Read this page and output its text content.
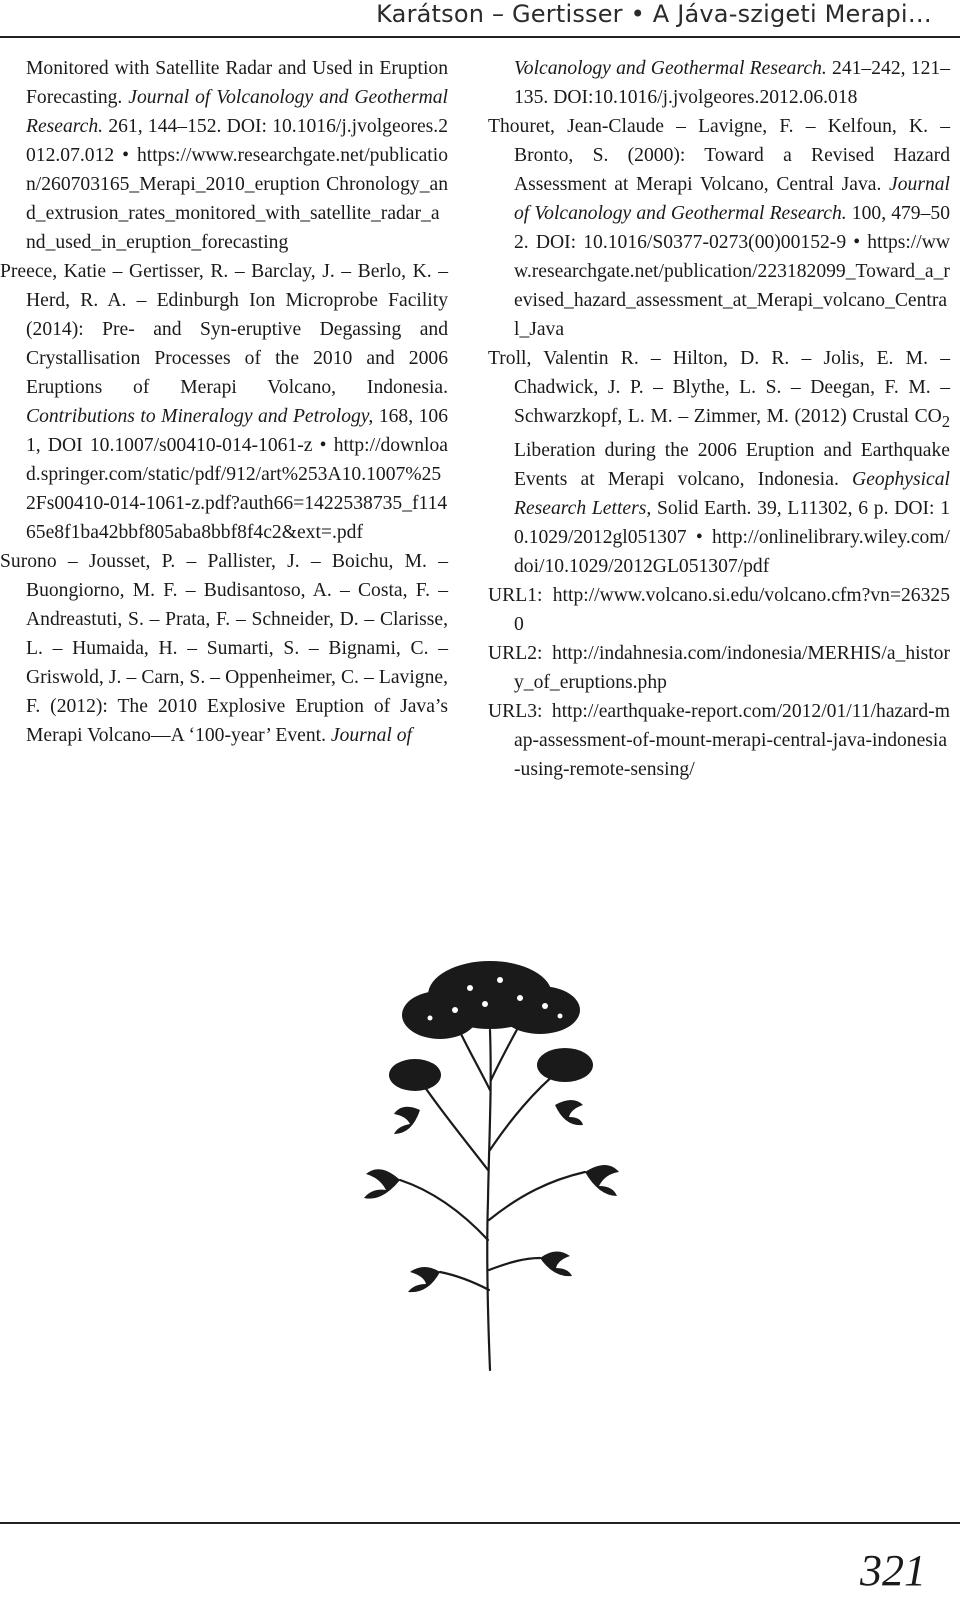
Karátson – Gertisser • A Jáva-szigeti Merapi…

Monitored with Satellite Radar and Used in Eruption Forecasting. Journal of Volcanology and Geothermal Research. 261, 144–152. DOI: 10.1016/j.jvolgeores.2012.07.012 • https://www.researchgate.net/publication/260703165_Merapi_2010_eruption Chronology_and_extrusion_rates_monitored_with_satellite_radar_and_used_in_eruption_forecasting

Preece, Katie – Gertisser, R. – Barclay, J. – Berlo, K. – Herd, R. A. – Edinburgh Ion Microprobe Facility (2014): Pre- and Syn-eruptive Degassing and Crystallisation Processes of the 2010 and 2006 Eruptions of Merapi Volcano, Indonesia. Contributions to Mineralogy and Petrology, 168, 1061, DOI 10.1007/s00410-014-1061-z • http://download.springer.com/static/pdf/912/art%253A10.1007%252Fs00410-014-1061-z.pdf?auth66=1422538735_f11465e8f1ba42bbf805aba8bbf8f4c2&ext=.pdf

Surono – Jousset, P. – Pallister, J. – Boichu, M. – Buongiorno, M. F. – Budisantoso, A. – Costa, F. – Andreastuti, S. – Prata, F. – Schneider, D. – Clarisse, L. – Humaida, H. – Sumarti, S. – Bignami, C. – Griswold, J. – Carn, S. – Oppenheimer, C. – Lavigne, F. (2012): The 2010 Explosive Eruption of Java’s Merapi Volcano—A ‘100-year’ Event. Journal of

Volcanology and Geothermal Research. 241–242, 121–135. DOI:10.1016/j.jvolgeores.2012.06.018

Thouret, Jean-Claude – Lavigne, F. – Kelfoun, K. – Bronto, S. (2000): Toward a Revised Hazard Assessment at Merapi Volcano, Central Java. Journal of Volcanology and Geothermal Research. 100, 479–502. DOI: 10.1016/S0377-0273(00)00152-9 • https://www.researchgate.net/publication/223182099_Toward_a_revised_hazard_assessment_at_Merapi_volcano_Central_Java

Troll, Valentin R. – Hilton, D. R. – Jolis, E. M. – Chadwick, J. P. – Blythe, L. S. – Deegan, F. M. – Schwarzkopf, L. M. – Zimmer, M. (2012) Crustal $CO_2$ Liberation during the 2006 Eruption and Earthquake Events at Merapi volcano, Indonesia. Geophysical Research Letters, Solid Earth. 39, L11302, 6 p. DOI: 10.1029/2012gl051307 • http://onlinelibrary.wiley.com/doi/10.1029/2012GL051307/pdf

URL1: http://www.volcano.si.edu/volcano.cfm?vn=263250

URL2: http://indahnesia.com/indonesia/MERHIS/a_history_of_eruptions.php

URL3: http://earthquake-report.com/2012/01/11/hazard-map-assessment-of-mount-merapi-central-java-indonesia-using-remote-sensing/

321
